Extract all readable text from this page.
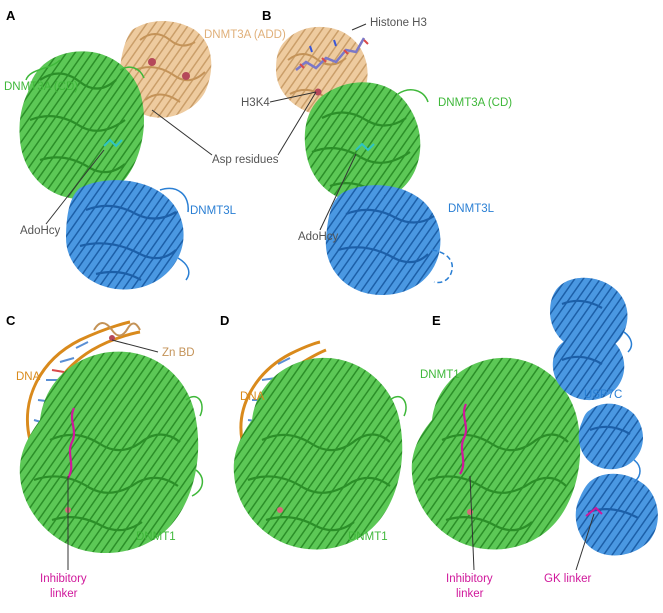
A
DNMT3A (ADD)
DNMT3A (CD)
DNMT3L
AdoHcy
Asp residues
B	Histone H3
H3K4	DNMT3A (CD)
DNMT3L
AdoHcy
C
DNA
Zn BD
DNMT1
Inhibitory
linker
D
DNA
DNMT1
E
DNMT1
USP7C
Inhibitory
linker
GK linker
